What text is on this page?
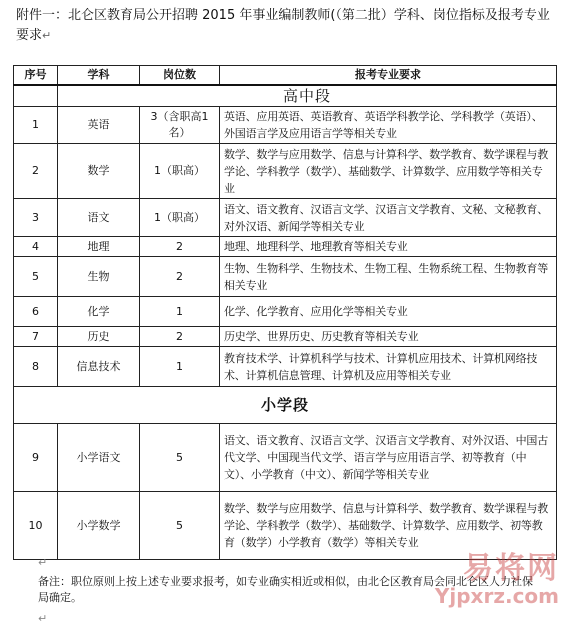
附件一：北仑区教育局公开招聘 2015 年事业编制教师(（第二批）学科、岗位指标及报考专业要求↵
序号	学科	岗位数	报考专业要求
	高中段		
1	英语	3（含职高1名）	英语、应用英语、英语教育、英语学科教学论、学科教学（英语）、外国语言学及应用语言学等相关专业
2	数学	1（职高）	数学、数学与应用数学、信息与计算科学、数学教育、数学课程与教学论、学科教学（数学）、基础数学、计算数学、应用数学等相关专业
3	语文	1（职高）	语文、语文教育、汉语言文学、汉语言文学教育、文秘、文秘教育、对外汉语、新闻学等相关专业
4	地理	2	地理、地理科学、地理教育等相关专业
5	生物	2	生物、生物科学、生物技术、生物工程、生物系统工程、生物教育等相关专业
6	化学	1	化学、化学教育、应用化学等相关专业
7	历史	2	历史学、世界历史、历史教育等相关专业
8	信息技术	1	教育技术学、计算机科学与技术、计算机应用技术、计算机网络技术、计算机信息管理、计算机及应用等相关专业
小学段			
9	小学语文	5	语文、语文教育、汉语言文学、汉语言文学教育、对外汉语、中国古代文学、中国现当代文学、语言学与应用语言学、初等教育（中文）、小学教育（中文）、新闻学等相关专业
10	小学数学	5	数学、数学与应用数学、信息与计算科学、数学教育、数学课程与教学论、学科教学（数学）、基础数学、计算数学、应用数学、初等教育（数学）小学教育（数学）等相关专业
↵
备注：职位原则上按上述专业要求报考，如专业确实相近或相似，由北仑区教育局会同北仑区人力社保局确定。
↵
易将网
Yjpxrz.com
